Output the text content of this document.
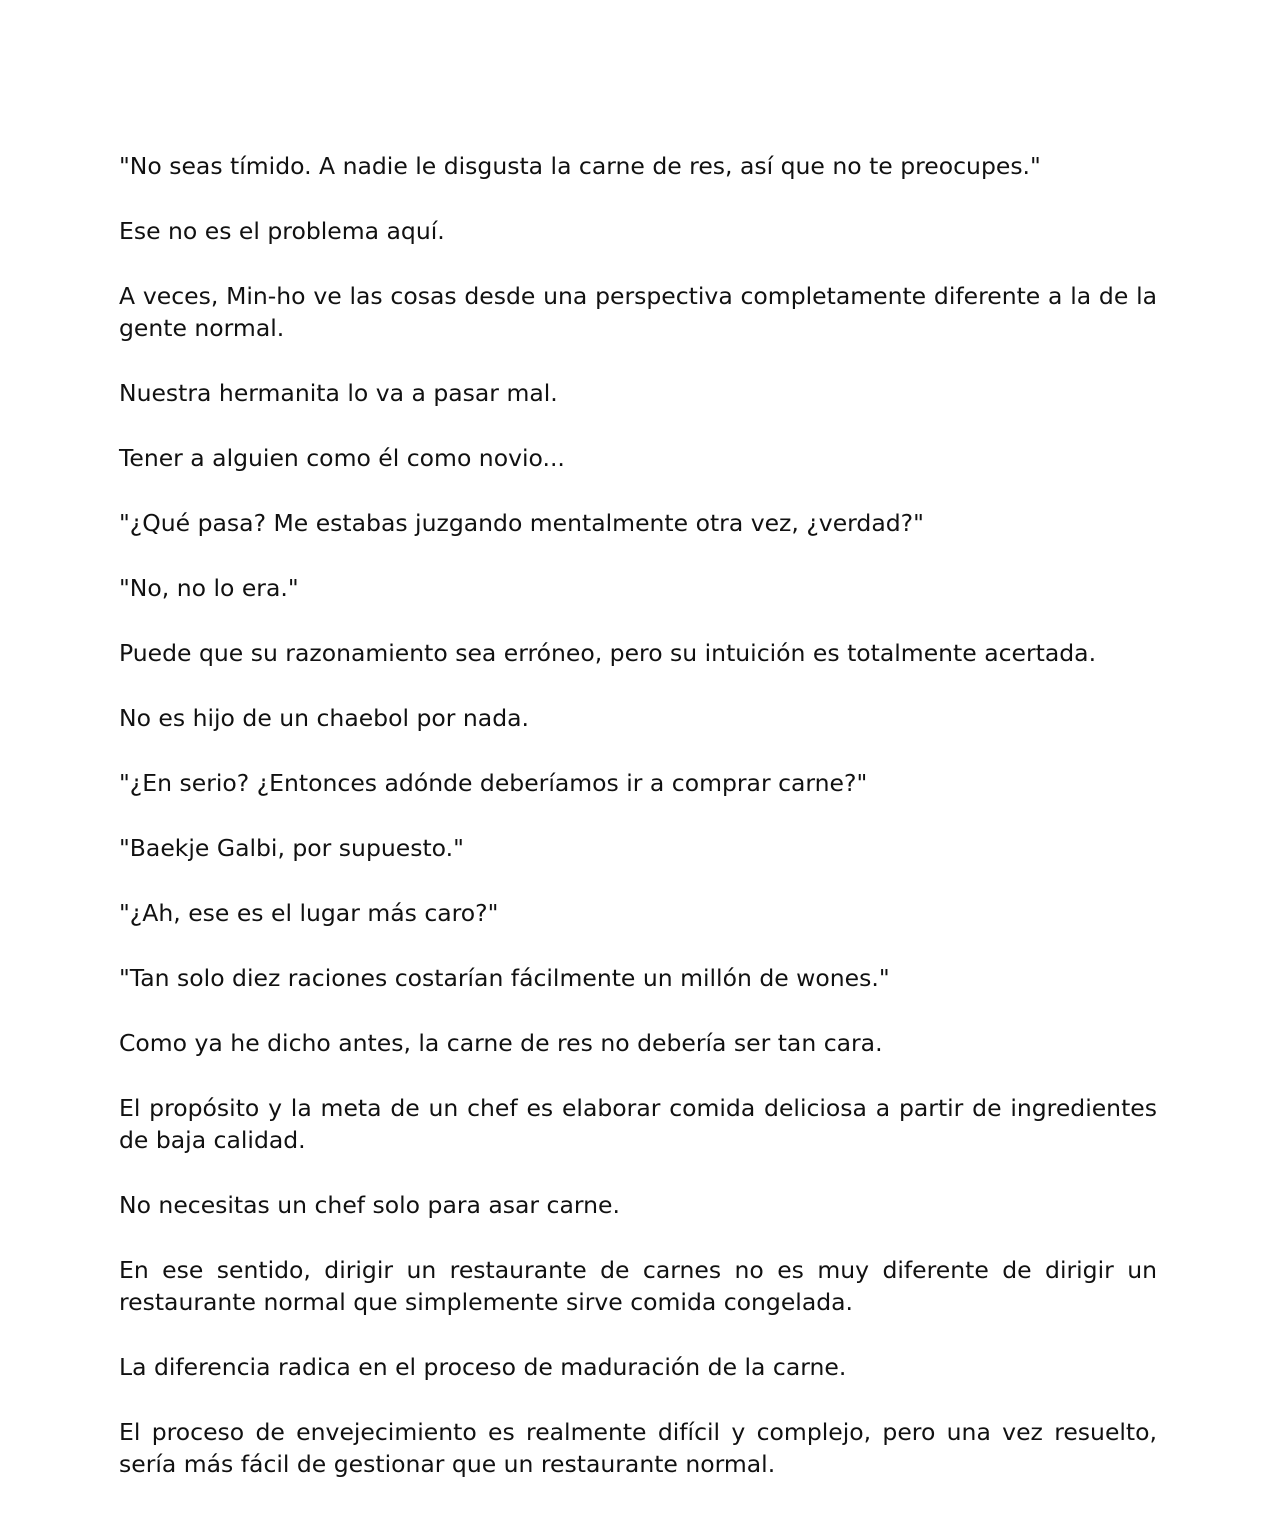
"No seas tímido. A nadie le disgusta la carne de res, así que no te preocupes."

Ese no es el problema aquí.

A veces, Min-ho ve las cosas desde una perspectiva completamente diferente a la de la gente normal.

Nuestra hermanita lo va a pasar mal.

Tener a alguien como él como novio...

"¿Qué pasa? Me estabas juzgando mentalmente otra vez, ¿verdad?"

"No, no lo era."

Puede que su razonamiento sea erróneo, pero su intuición es totalmente acertada.

No es hijo de un chaebol por nada.

"¿En serio? ¿Entonces adónde deberíamos ir a comprar carne?"

"Baekje Galbi, por supuesto."

"¿Ah, ese es el lugar más caro?"

"Tan solo diez raciones costarían fácilmente un millón de wones."

Como ya he dicho antes, la carne de res no debería ser tan cara.

El propósito y la meta de un chef es elaborar comida deliciosa a partir de ingredientes de baja calidad.

No necesitas un chef solo para asar carne.

En ese sentido, dirigir un restaurante de carnes no es muy diferente de dirigir un restaurante normal que simplemente sirve comida congelada.

La diferencia radica en el proceso de maduración de la carne.

El proceso de envejecimiento es realmente difícil y complejo, pero una vez resuelto, sería más fácil de gestionar que un restaurante normal.
